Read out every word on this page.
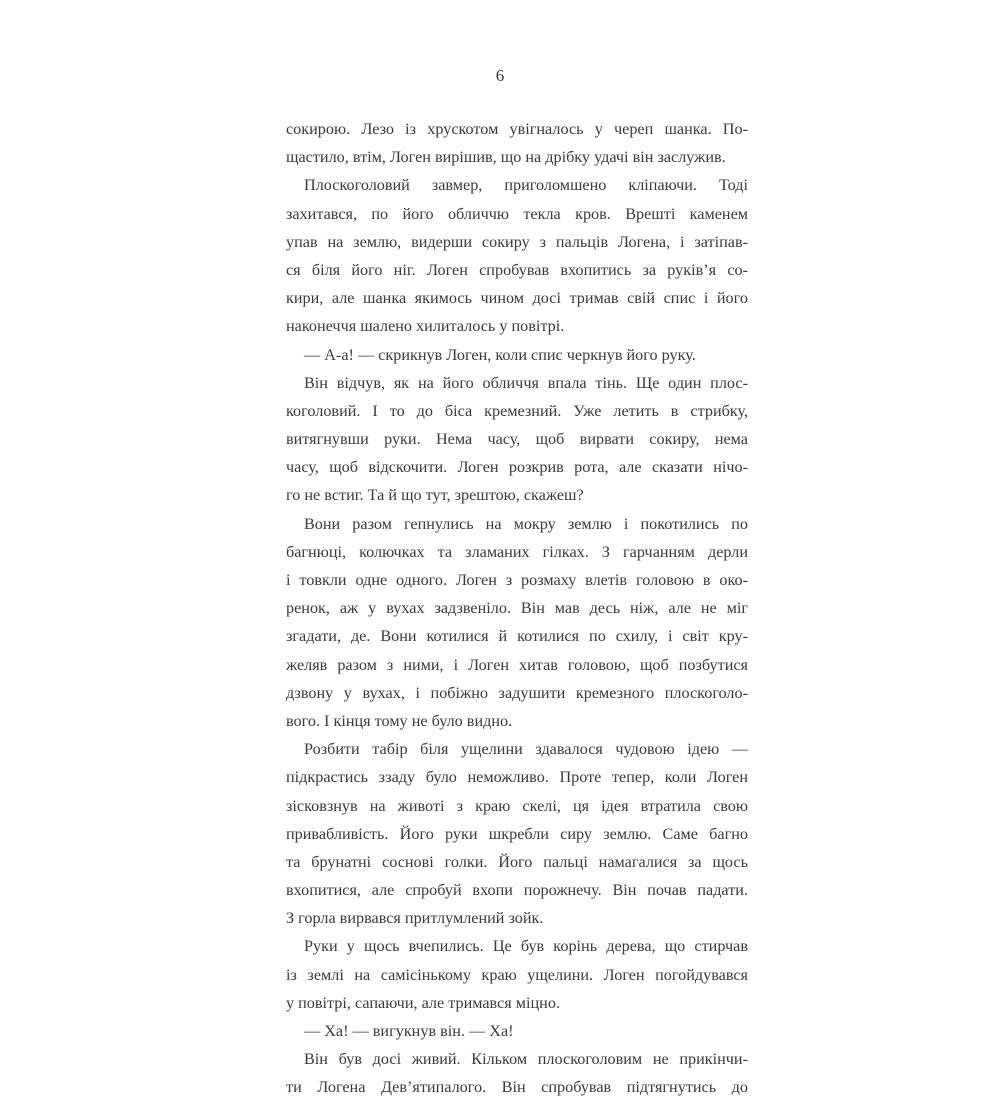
6
сокирою. Лезо із хрускотом увігналось у череп шанка. По-
щастило, втім, Логен вирішив, що на дрібку удачі він заслужив.
Плоскоголовий завмер, приголомшено кліпаючи. Тоді
захитався, по його обличчю текла кров. Врешті каменем
упав на землю, видерши сокиру з пальців Логена, і затіпав-
ся біля його ніг. Логен спробував вхопитись за руків’я со-
кири, але шанка якимось чином досі тримав свій спис і його
наконеччя шалено хилиталось у повітрі.
— А-а! — скрикнув Логен, коли спис черкнув його руку.
Він відчув, як на його обличчя впала тінь. Ще один плос-
коголовий. І то до біса кремезний. Уже летить в стрибку,
витягнувши руки. Нема часу, щоб вирвати сокиру, нема
часу, щоб відскочити. Логен розкрив рота, але сказати нічо-
го не встиг. Та й що тут, зрештою, скажеш?
Вони разом гепнулись на мокру землю і покотились по
багнюці, колючках та зламаних гілках. З гарчанням дерли
і товкли одне одного. Логен з розмаху влетів головою в око-
ренок, аж у вухах задзвеніло. Він мав десь ніж, але не міг
згадати, де. Вони котилися й котилися по схилу, і світ кру-
желяв разом з ними, і Логен хитав головою, щоб позбутися
дзвону у вухах, і побіжно задушити кремезного плоскоголо-
вого. І кінця тому не було видно.
Розбити табір біля ущелини здавалося чудовою ідею —
підкрастись ззаду було неможливо. Проте тепер, коли Логен
зісковзнув на животі з краю скелі, ця ідея втратила свою
привабливість. Його руки шкребли сиру землю. Саме багно
та брунатні соснові голки. Його пальці намагалися за щось
вхопитися, але спробуй вхопи порожнечу. Він почав падати.
З горла вирвався притлумлений зойк.
Руки у щось вчепились. Це був корінь дерева, що стирчав
із землі на самісінькому краю ущелини. Логен погойдувався
у повітрі, сапаючи, але тримався міцно.
— Ха! — вигукнув він. — Ха!
Він був досі живий. Кільком плоскоголовим не прикінчи-
ти Логена Дев’ятипалого. Він спробував підтягнутись до
